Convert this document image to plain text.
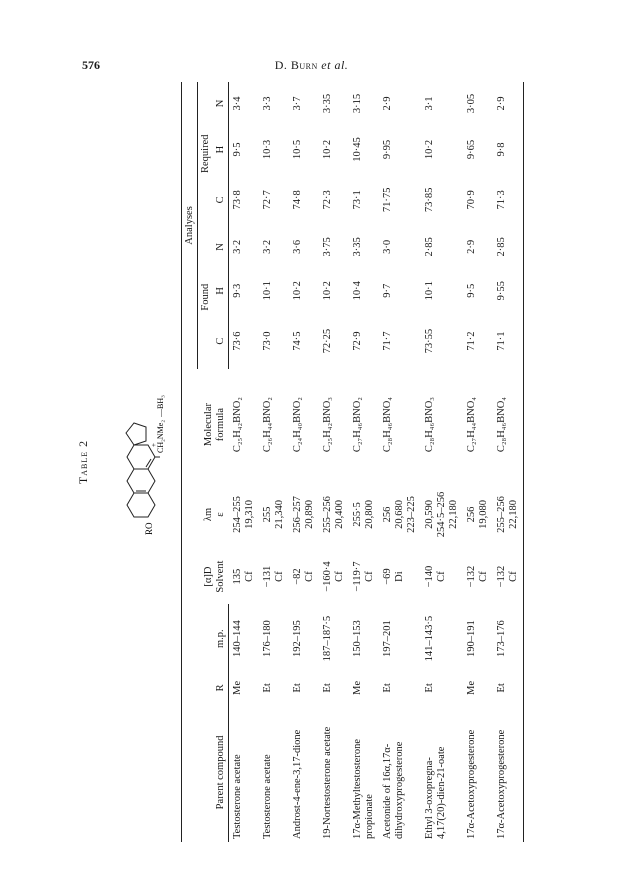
576	D. Burn et al.
Table 2
RO
CH₂NMe₂
+
—BH₃

			[α]D Solvent	λm ε	Molecular formula	Analyses					
						Found			Required		
Parent compound	R	m.p.				C	H	N	C	H	N

Testosterone acetate	Me	140–144	135 Cf	254–255 19,310	C₂₅H₄₂BNO₂	73·6	9·3	3·2	73·8	9·5	3·4

Testosterone acetate	Et	176–180	−131 Cf	255 21,340	C₂₆H₄₄BNO₂	73·0	10·1	3·2	72·7	10·3	3·3

Androst-4-ene-3,17-dione	Et	192–195	−82 Cf	256–257 20,890	C₂₄H₄₀BNO₂	74·5	10·2	3·6	74·8	10·5	3·7

19-Nortestosterone acetate	Et	187–187·5	−160·4 Cf	255–256 20,400	C₂₅H₄₂BNO₃	72·25	10·2	3·75	72·3	10·2	3·35

17α-Methyltestosterone propionate	Me	150–153	−119·7 Cf	255·5 20,800	C₂₇H₄₆BNO₂	72·9	10·4	3·35	73·1	10·45	3·15

Acetonide of 16α,17α- dihydroxyprogesterone	Et	197–201	−69 Di	256 20,680 223–225	C₂₈H₄₆BNO₄	71·7	9·7	3·0	71·75	9·95	2·9

Ethyl 3-oxopregna- 4,17(20)-dien-21-oate	Et	141–143·5	−140 Cf	20,590 254·5–256 22,180	C₂₈H₄₆BNO₃	73·55	10·1	2·85	73·85	10·2	3·1

17α-Acetoxyprogesterone	Me	190–191	−132 Cf	256 19,080	C₂₇H₄₄BNO₄	71·2	9·5	2·9	70·9	9·65	3·05

17α-Acetoxyprogesterone	Et	173–176	−132 Cf	255–256 22,180	C₂₈H₄₆BNO₄	71·1	9·55	2·85	71·3	9·8	2·9
